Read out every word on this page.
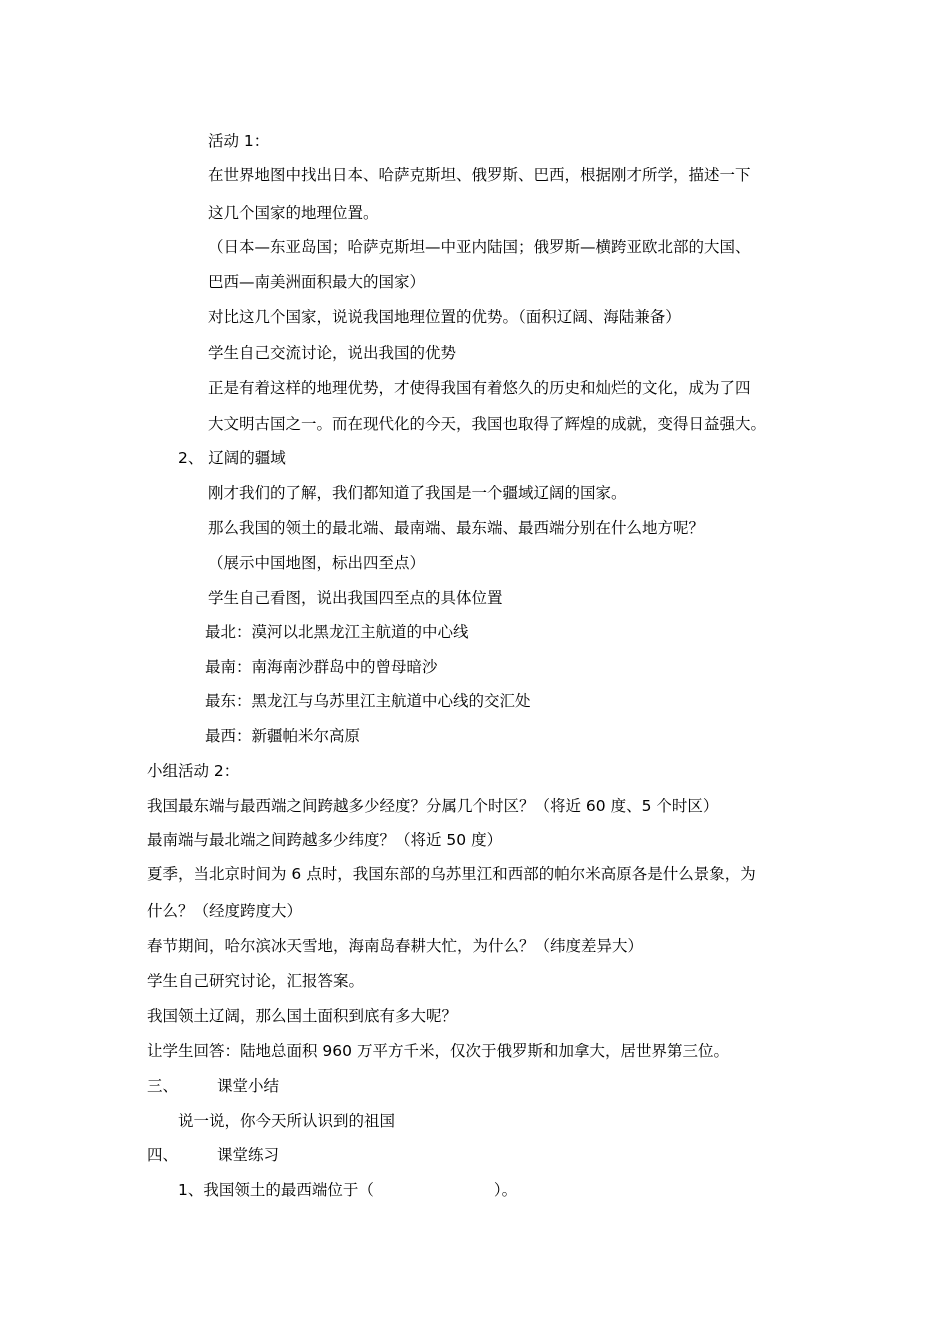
活动 1：
在世界地图中找出日本、哈萨克斯坦、俄罗斯、巴西，根据刚才所学，描述一下
这几个国家的地理位置。
（日本—东亚岛国；哈萨克斯坦—中亚内陆国；俄罗斯—横跨亚欧北部的大国、
巴西—南美洲面积最大的国家）
对比这几个国家，说说我国地理位置的优势。（面积辽阔、海陆兼备）
学生自己交流讨论，说出我国的优势
正是有着这样的地理优势，才使得我国有着悠久的历史和灿烂的文化，成为了四
大文明古国之一。而在现代化的今天，我国也取得了辉煌的成就，变得日益强大。
2、 辽阔的疆域
刚才我们的了解，我们都知道了我国是一个疆域辽阔的国家。
那么我国的领土的最北端、最南端、最东端、最西端分别在什么地方呢？
（展示中国地图，标出四至点）
学生自己看图，说出我国四至点的具体位置
最北：漠河以北黑龙江主航道的中心线
最南：南海南沙群岛中的曾母暗沙
最东：黑龙江与乌苏里江主航道中心线的交汇处
最西：新疆帕米尔高原
小组活动 2：
我国最东端与最西端之间跨越多少经度？分属几个时区？（将近 60 度、5 个时区）
最南端与最北端之间跨越多少纬度？（将近 50 度）
夏季，当北京时间为 6 点时，我国东部的乌苏里江和西部的帕尔米高原各是什么景象，为
什么？（经度跨度大）
春节期间，哈尔滨冰天雪地，海南岛春耕大忙，为什么？（纬度差异大）
学生自己研究讨论，汇报答案。
我国领土辽阔，那么国土面积到底有多大呢？
让学生回答：陆地总面积 960 万平方千米，仅次于俄罗斯和加拿大，居世界第三位。
三、	课堂小结
说一说，你今天所认识到的祖国
四、	课堂练习
1、我国领土的最西端位于（	）。
